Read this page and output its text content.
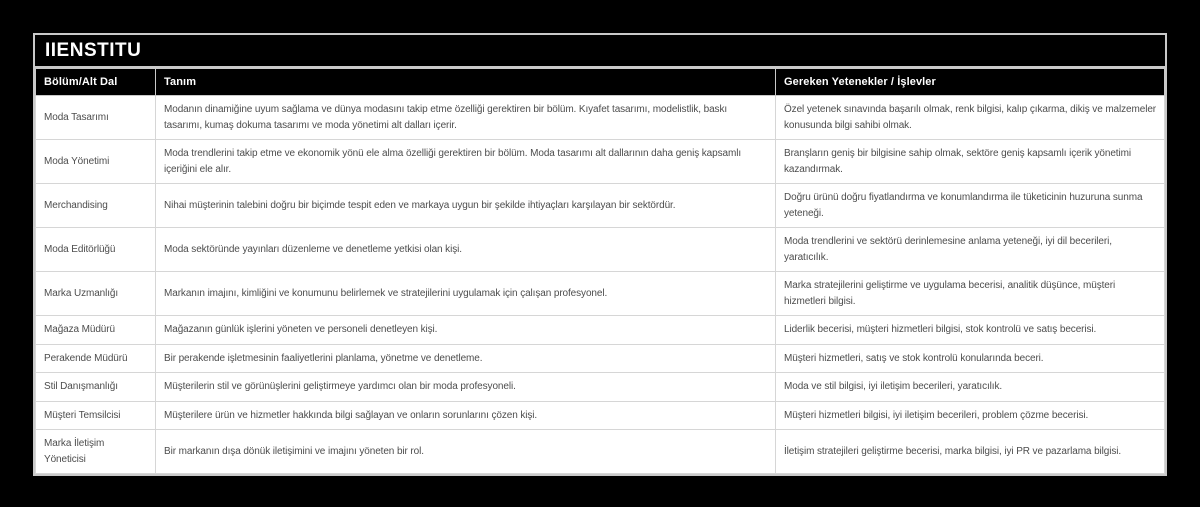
IIENSTITU
Bölüm/Alt Dal	Tanım	Gereken Yetenekler / İşlevler
Moda Tasarımı	Modanın dinamiğine uyum sağlama ve dünya modasını takip etme özelliği gerektiren bir bölüm. Kıyafet tasarımı, modelistlik, baskı tasarımı, kumaş dokuma tasarımı ve moda yönetimi alt dalları içerir.	Özel yetenek sınavında başarılı olmak, renk bilgisi, kalıp çıkarma, dikiş ve malzemeler konusunda bilgi sahibi olmak.
Moda Yönetimi	Moda trendlerini takip etme ve ekonomik yönü ele alma özelliği gerektiren bir bölüm. Moda tasarımı alt dallarının daha geniş kapsamlı içeriğini ele alır.	Branşların geniş bir bilgisine sahip olmak, sektöre geniş kapsamlı içerik yönetimi kazandırmak.
Merchandising	Nihai müşterinin talebini doğru bir biçimde tespit eden ve markaya uygun bir şekilde ihtiyaçları karşılayan bir sektördür.	Doğru ürünü doğru fiyatlandırma ve konumlandırma ile tüketicinin huzuruna sunma yeteneği.
Moda Editörlüğü	Moda sektöründe yayınları düzenleme ve denetleme yetkisi olan kişi.	Moda trendlerini ve sektörü derinlemesine anlama yeteneği, iyi dil becerileri, yaratıcılık.
Marka Uzmanlığı	Markanın imajını, kimliğini ve konumunu belirlemek ve stratejilerini uygulamak için çalışan profesyonel.	Marka stratejilerini geliştirme ve uygulama becerisi, analitik düşünce, müşteri hizmetleri bilgisi.
Mağaza Müdürü	Mağazanın günlük işlerini yöneten ve personeli denetleyen kişi.	Liderlik becerisi, müşteri hizmetleri bilgisi, stok kontrolü ve satış becerisi.
Perakende Müdürü	Bir perakende işletmesinin faaliyetlerini planlama, yönetme ve denetleme.	Müşteri hizmetleri, satış ve stok kontrolü konularında beceri.
Stil Danışmanlığı	Müşterilerin stil ve görünüşlerini geliştirmeye yardımcı olan bir moda profesyoneli.	Moda ve stil bilgisi, iyi iletişim becerileri, yaratıcılık.
Müşteri Temsilcisi	Müşterilere ürün ve hizmetler hakkında bilgi sağlayan ve onların sorunlarını çözen kişi.	Müşteri hizmetleri bilgisi, iyi iletişim becerileri, problem çözme becerisi.
Marka İletişim Yöneticisi	Bir markanın dışa dönük iletişimini ve imajını yöneten bir rol.	İletişim stratejileri geliştirme becerisi, marka bilgisi, iyi PR ve pazarlama bilgisi.
